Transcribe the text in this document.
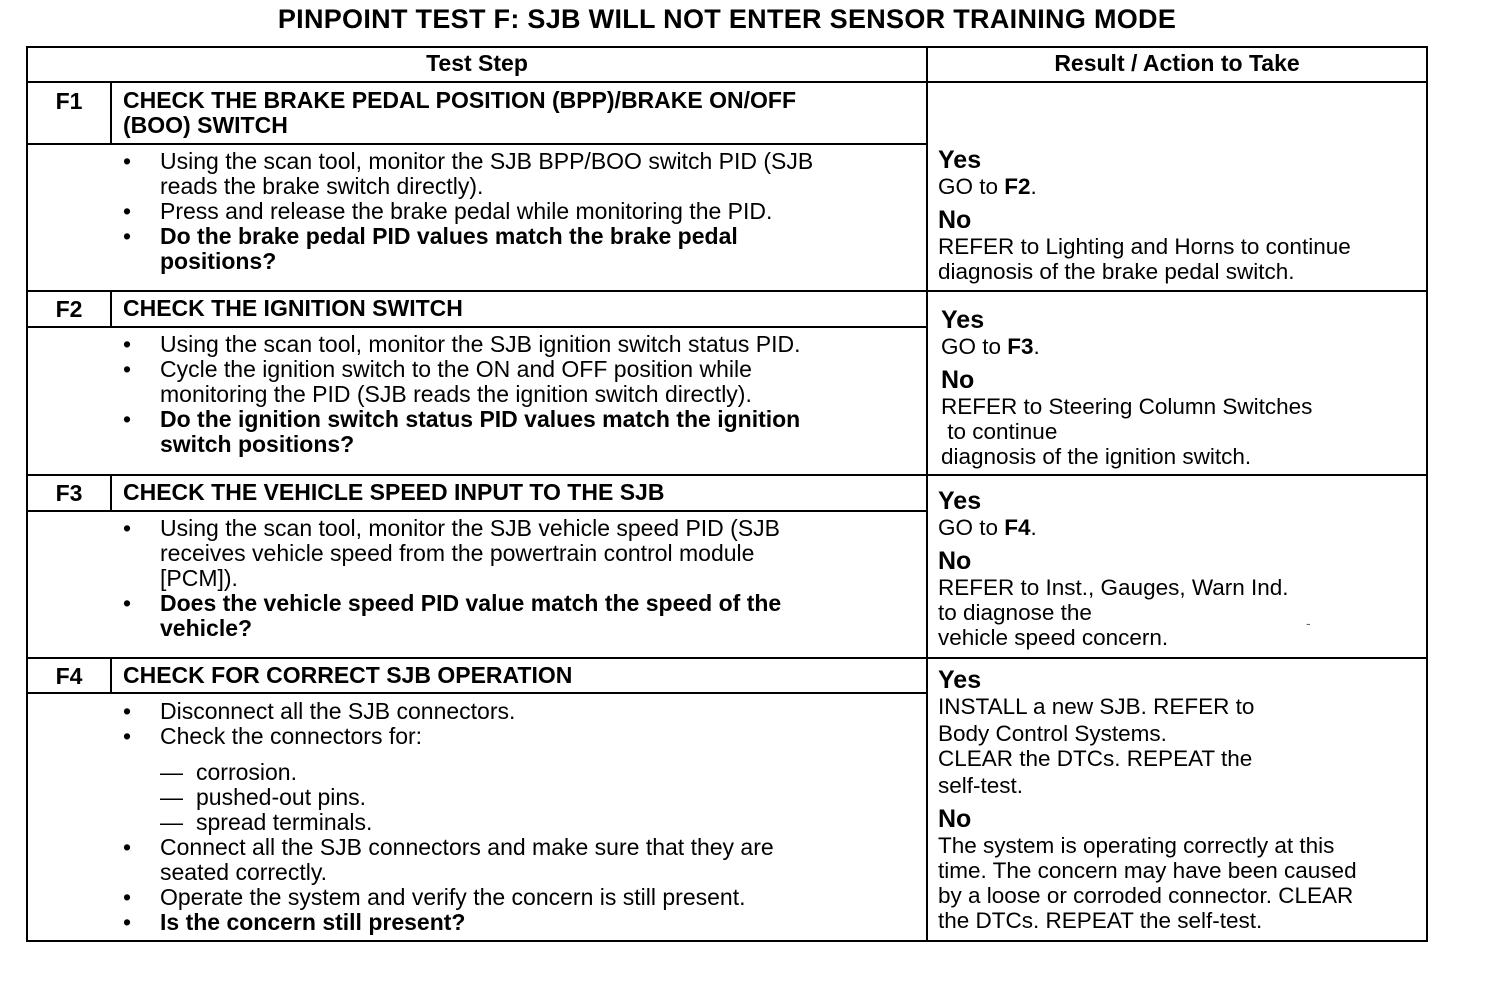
PINPOINT TEST F: SJB WILL NOT ENTER SENSOR TRAINING MODE
Test Step	Result / Action to Take
F1	CHECK THE BRAKE PEDAL POSITION (BPP)/BRAKE ON/OFF
(BOO) SWITCH
•	Using the scan tool, monitor the SJB BPP/BOO switch PID (SJB
reads the brake switch directly).
•	Press and release the brake pedal while monitoring the PID.
•	Do the brake pedal PID values match the brake pedal
positions?
Yes
GO to F2.
No
REFER to Lighting and Horns to continue
diagnosis of the brake pedal switch.
F2	CHECK THE IGNITION SWITCH
•	Using the scan tool, monitor the SJB ignition switch status PID.
•	Cycle the ignition switch to the ON and OFF position while
monitoring the PID (SJB reads the ignition switch directly).
•	Do the ignition switch status PID values match the ignition
switch positions?
Yes
GO to F3.
No
REFER to Steering Column Switches
to continue
diagnosis of the ignition switch.
F3	CHECK THE VEHICLE SPEED INPUT TO THE SJB
•	Using the scan tool, monitor the SJB vehicle speed PID (SJB
receives vehicle speed from the powertrain control module
[PCM]).
•	Does the vehicle speed PID value match the speed of the
vehicle?
Yes
GO to F4.
No
REFER to Inst., Gauges, Warn Ind.
to diagnose the
vehicle speed concern.
-
F4	CHECK FOR CORRECT SJB OPERATION
•	Disconnect all the SJB connectors.
•	Check the connectors for:
— corrosion.
— pushed-out pins.
— spread terminals.
•	Connect all the SJB connectors and make sure that they are
seated correctly.
•	Operate the system and verify the concern is still present.
•	Is the concern still present?
Yes
INSTALL a new SJB. REFER to
Body Control Systems.
CLEAR the DTCs. REPEAT the
self-test.
No
The system is operating correctly at this
time. The concern may have been caused
by a loose or corroded connector. CLEAR
the DTCs. REPEAT the self-test.
